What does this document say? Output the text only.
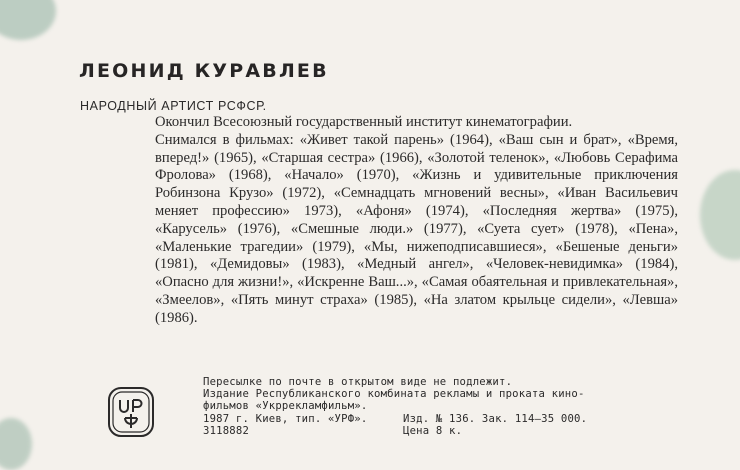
ЛЕОНИД КУРАВЛЕВ

НАРОДНЫЙ АРТИСТ РСФСР.

Окончил Всесоюзный государственный институт кинематографии.

Снимался в фильмах: «Живет такой парень» (1964), «Ваш сын и брат», «Время, вперед!» (1965), «Старшая сестра» (1966), «Золотой теленок», «Любовь Серафима Фролова» (1968), «Начало» (1970), «Жизнь и удивительные приключения Робинзона Крузо» (1972), «Семнадцать мгновений весны», «Иван Васильевич меняет профессию» 1973), «Афоня» (1974), «Последняя жертва» (1975), «Карусель» (1976), «Смешные люди.» (1977), «Суета сует» (1978), «Пена», «Маленькие трагедии» (1979), «Мы, нижеподписавшиеся», «Бешеные деньги» (1981), «Демидовы» (1983), «Медный ангел», «Человек-невидимка» (1984), «Опасно для жизни!», «Искренне Ваш...», «Самая обаятельная и привлекательная», «Змеелов», «Пять минут страха» (1985), «На златом крыльце сидели», «Левша» (1986).

Пересылке по почте в открытом виде не подлежит.
Издание Республиканского комбината рекламы и проката кино-
фильмов «Укррекламфильм».
1987 г. Киев, тип. «УРФ».	Изд. № 136. Зак. 114—35 000.
3118882	Цена 8 к.
